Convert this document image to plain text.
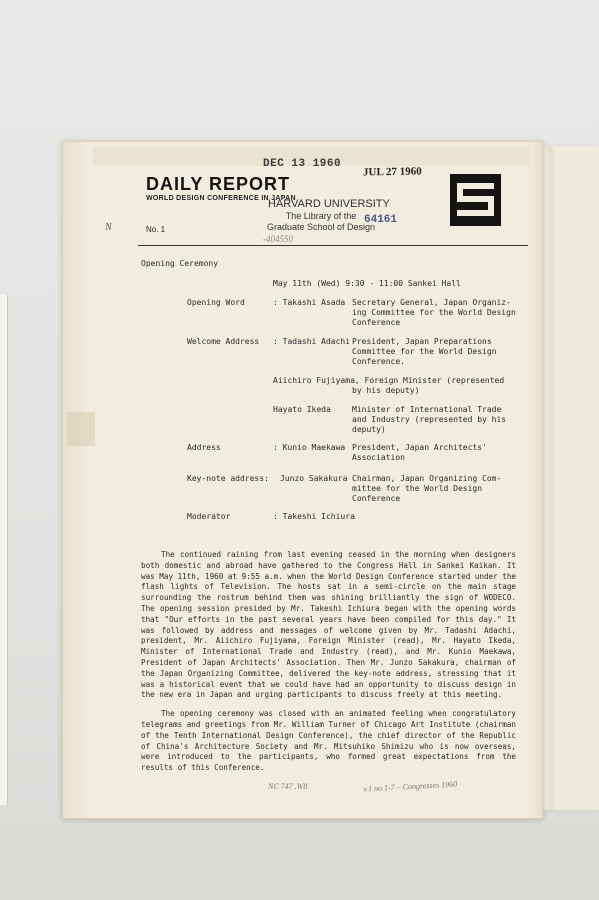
DEC 13 1960
JUL 27 1960
DAILY REPORT
WORLD DESIGN CONFERENCE IN JAPAN
HARVARD UNIVERSITY
The Library of the
Graduate School of Design
64161
-404550
No. 1
N
Opening Ceremony
May 11th (Wed) 9:30 - 11:00 Sankei Hall
Opening Word	: Takashi Asada Secretary General, Japan Organiz-
ing Committee for the World Design
Conference
Welcome Address : Tadashi Adachi President, Japan Preparations
Committee for the World Design
Conference.
Aiichiro Fujiyama, Foreign Minister (represented
by his deputy)
Hayato Ikeda	Minister of International Trade
and Industry (represented by his
deputy)
Address	: Kunio Maekawa President, Japan Architects'
Association
Key-note address: Junzo Sakakura Chairman, Japan Organizing Com-
mittee for the World Design
Conference
Moderator	: Takeshi Ichiura

The continued raining from last evening ceased in the morning when designers both domestic and abroad have gathered to the Congress Hall in Sankei Kaikan. It was May 11th, 1960 at 9:55 a.m. when the World Design Conference started under the flash lights of Television. The hosts sat in a semi-circle on the main stage surrounding the rostrum behind them was shining brilliantly the sign of WODECO. The opening session presided by Mr. Takeshi Ichiura began with the opening words that "Our efforts in the past several years have been compiled for this day." It was followed by address and messages of welcome given by Mr. Tadashi Adachi, president, Mr. Aiichiro Fujiyama, Foreign Minister (read), Mr. Hayato Ikeda, Minister of International Trade and Industry (read), and Mr. Kunio Maekawa, President of Japan Architects' Association. Then Mr. Junzo Sakakura, chairman of the Japan Organizing Committee, delivered the key-note address, stressing that it was a historical event that we could have had an opportunity to discuss design in the new era in Japan and urging participants to discuss freely at this meeting.

The opening ceremony was closed with an animated feeling when congratulatory telegrams and greetings from Mr. William Turner of Chicago Art Institute (chairman of the Tenth International Design Conference), the chief director of the Republic of China's Architecture Society and Mr. Mitsuhiko Shimizu who is now overseas, were introduced to the participants, who formed great expectations from the results of this Conference.

v.1 no.1-7 – Congresses 1960
NC 747 .W8
